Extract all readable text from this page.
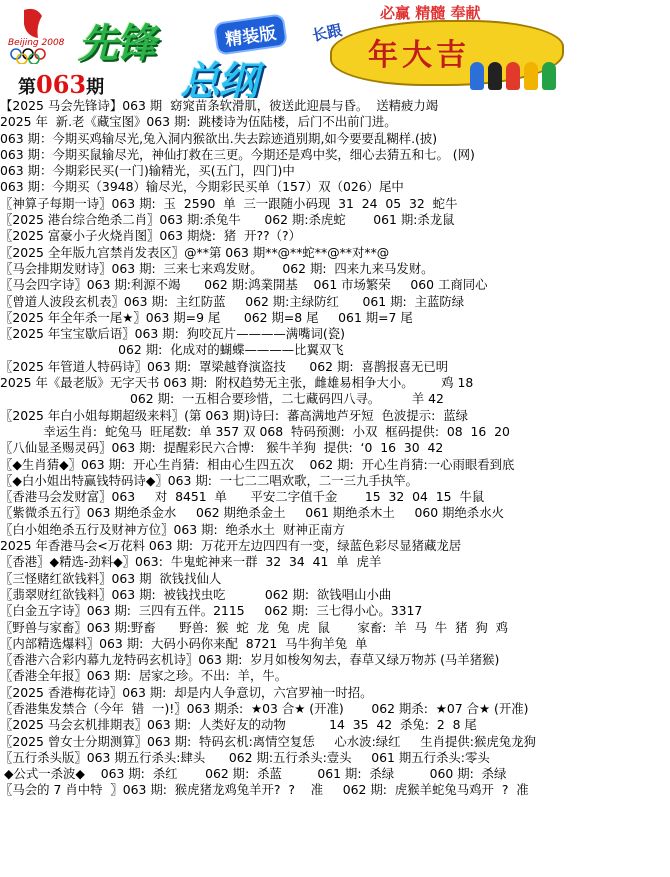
Beijing 2008 先锋	精装版
总纲
第063期
年大吉
必赢 精髓 奉献
长跟
【2025 马会先锋诗】063 期  窈窕苗条软滑肌，彼送此迎晨与昏。  送精疲力竭
2025 年  新.老《藏宝图》063 期:  跳楼诗为伍陆楼，后门不出前门进。
063 期：今期买鸡输尽光,兔入洞内猴欲出.失去踪迹逍别期,如今要要乱糊样.(披)
063 期：今期买鼠输尽光，神仙打救在三更。今期还是鸡中奖，细心去猜五和七。 (网)
063 期：今期彩民买(一门)输精光，买(五门，四门)中
063 期：今期买（3948）输尽光，今期彩民买单（157）双（026）尾中
〖神算子每期一诗〗063 期:  玉  2590  单  三一跟随小码现  31  24  05  32  蛇牛
〖2025 港台综合绝杀二肖〗063 期:杀兔牛      062 期:杀虎蛇       061 期:杀龙鼠
〖2025 富豪小子火烧肖图〗063 期烧:  猪  开??（?）
〖2025 全年版九宫禁肖发表区〗@**第 063 期**@**蛇**@**对**@
〖马会排期发财诗〗063 期:  三来七来鸡发财。     062 期:  四来九来马发财。
〖马会四字诗〗063 期:利源不竭      062 期:鸿業開基    061 市场繁荣     060 工商同心
〖曾道人波段玄机表〗063 期:  主红防蓝     062 期:主绿防红      061 期:  主蓝防绿
〖2025 年全年杀一尾★〗063 期=9 尾      062 期=8 尾     061 期=7 尾
〖2025 年宝宝歇后语〗063 期:  狗咬瓦片————满嘴词(瓷)
062 期:  化成对的蝴蝶————比翼双飞
〖2025 年管道人特码诗〗063 期:  罩梁越脊演盗技      062 期:  喜鹊报喜无已明
2025 年《最老版》无字天书 063 期:  附权趋势无主张，雌雄易相争大小。       鸡 18
062 期:  一五相合要珍惜，二七藏码四八寻。        羊 42
〖2025 年白小姐每期超级来料〗(第 063 期)诗曰:  蕃高满地芦牙短  色波提示:  蓝绿
幸运生肖:  蛇兔马  旺尾数:  单 357 双 068  特码预测:  小双  框码提供:  08  16  20
〖八仙显圣赐灵码〗063 期:  提醒彩民六合博:   猴牛羊狗  提供:  ‘0  16  30  42
〖◆生肖猜◆〗063 期:  开心生肖猜:  相由心生四五次    062 期:  开心生肖猜:一心雨眼看到底
〖◆白小姐出特赢钱特码诗◆〗063 期:  一七二二唱欢歌，二一三九手执竿。
〖香港马会发财富〗063     对  8451  单      平安二字值千金       15  32  04  15  牛鼠
〖紫微杀五行〗063 期绝杀金水     062 期绝杀金土     061 期绝杀木土     060 期绝杀水火
〖白小姐绝杀五行及财神方位〗063 期:  绝杀水土  财神正南方
2025 年香港马会<万花料 063 期:  万花开左边四四有一变，绿蓝色彩尽显猪藏龙居
〖香港〗◆精选-劲料◆〗063:  牛鬼蛇神来一群  32  34  41  单  虎羊
〖三怪赌红欲钱料〗063 期  欲钱找仙人
〖翡翠财红欲钱料〗063 期:  被钱找虫吃          062 期:  欲钱唱山小曲
〖白金五字诗〗063 期:  三四有五伴。2115     062 期:  三七得小心。3317
〖野兽与家畜〗063 期:野畜      野兽:  猴  蛇  龙  兔  虎  鼠       家畜:  羊  马  牛  猪  狗  鸡
〖内部精选爆料〗063 期:  大码小码你来配  8721  马牛狗羊兔  单
〖香港六合彩内幕九龙特码玄机诗〗063 期:  岁月如梭匆匆去，春草又绿万物苏 (马羊猪猴)
〖香港全年报〗063 期:  居家之珍。不出:  羊，牛。
〖2025 香港梅花诗〗063 期:  却是内人争意切，六宫罗袖一时招。
〖香港集发禁合（今年  错  一)!〗063 期杀:  ★03 合★ (开准)       062 期杀:  ★07 合★ (开准)
〖2025 马会玄机排期表〗063 期:  人类好友的动物           14  35  42  杀兔:  2  8 尾
〖2025 曾女士分期测算〗063 期:  特码玄机:离情空复恁     心水波:绿红     生肖提供:猴虎兔龙狗
〖五行杀头版〗063 期五行杀头:肆头      062 期:五行杀头:壹头     061 期五行杀头:零头
◆公式一杀波◆    063 期:  杀红       062 期:  杀蓝         061 期:  杀绿         060 期:  杀绿
〖马会的 7 肖中特  〗063 期:  猴虎猪龙鸡兔羊开?  ?    准     062 期:  虎猴羊蛇兔马鸡开  ?  准
